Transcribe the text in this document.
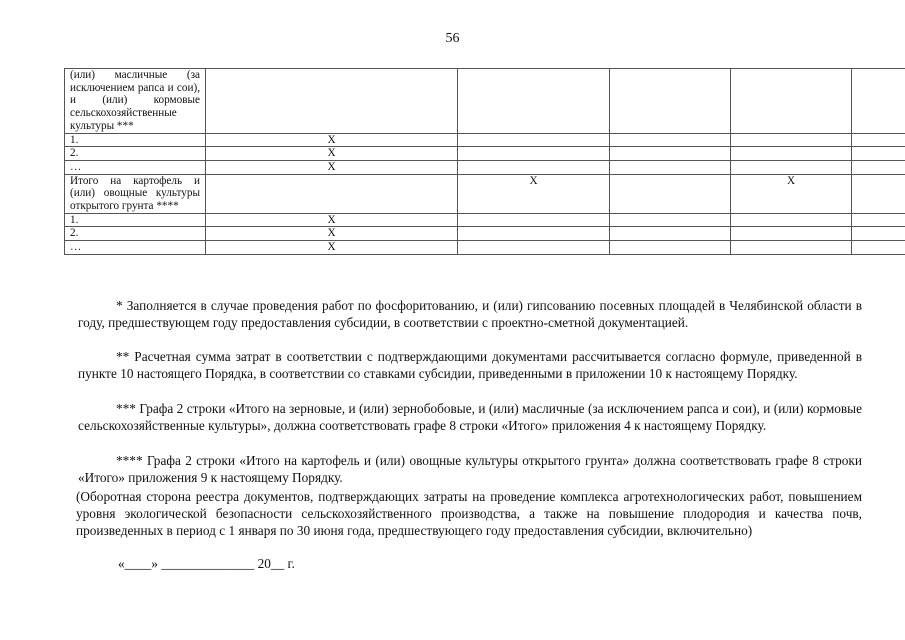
56
(или) масличные (за исключением рапса и сои), и (или) кормовые сельскохозяйственные культуры ***					
1.	X				
2.	X				
…	X				
Итого на картофель и (или) овощные культуры открытого грунта ****		X		X	
1.	X				
2.	X				
…	X				
* Заполняется в случае проведения работ по фосфоритованию, и (или) гипсованию посевных площадей в Челябинской области в году, предшествующем году предоставления субсидии, в соответствии с проектно-сметной документацией.
** Расчетная сумма затрат в соответствии с подтверждающими документами рассчитывается согласно формуле, приведенной в пункте 10 настоящего Порядка, в соответствии со ставками субсидии, приведенными в приложении 10 к настоящему Порядку.
*** Графа 2 строки «Итого на зерновые, и (или) зернобобовые, и (или) масличные (за исключением рапса и сои), и (или) кормовые сельскохозяйственные культуры», должна соответствовать графе 8 строки «Итого» приложения 4 к настоящему Порядку.
**** Графа 2 строки «Итого на картофель и (или) овощные культуры открытого грунта» должна соответствовать графе 8 строки «Итого» приложения 9 к настоящему Порядку.
(Оборотная сторона реестра документов, подтверждающих затраты на проведение комплекса агротехнологических работ, повышением уровня экологической безопасности сельскохозяйственного производства, а также на повышение плодородия и качества почв, произведенных в период с 1 января по 30 июня года, предшествующего году предоставления субсидии, включительно)
«____» ______________ 20__ г.
